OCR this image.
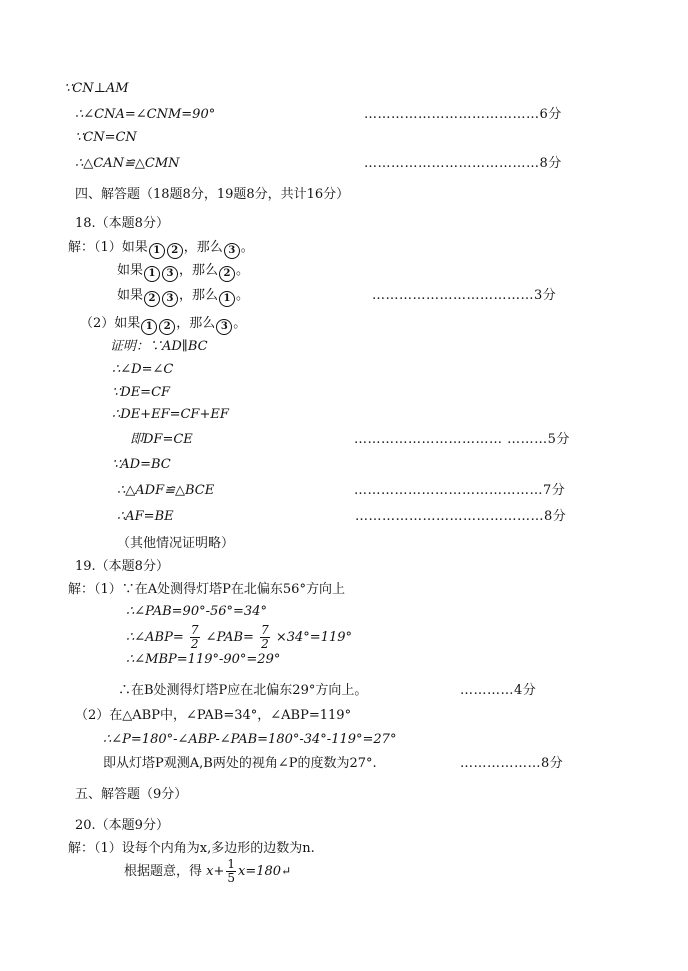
∵CN⊥AM
∴∠CNA=∠CNM=90°	…………………………………6分
∵CN=CN
∴△CAN≌△CMN	…………………………………8分
四、解答题（18题8分，19题8分，共计16分）
18.（本题8分）
解：（1）如果 1 2 ，那么 3 。
如果 1 3 ，那么 2 。
如果 2 3 ，那么 1 。	………………………………3分
（2）如果 1 2 ，那么 3 。
证明：∵AD∥BC
∴∠D=∠C
∵DE=CF
∴DE+EF=CF+EF
即DF=CE	…………………………… ………5分
∵AD=BC
∴△ADF≌△BCE	……………………………………7分
∴AF=BE	……………………………………8分
（其他情况证明略）
19.（本题8分）
解：（1）∵在A处测得灯塔P在北偏东56°方向上
∴∠PAB=90°-56°=34°
∴∠ABP= $\frac{7}{2}$ ∠PAB= $\frac{7}{2} \times 34^\circ=119^\circ$
∴∠MBP=119°-90°=29°
∴在B处测得灯塔P应在北偏东29°方向上。	…………4分
（2）在△ABP中，∠PAB=34°，∠ABP=119°
∴∠P=180°-∠ABP-∠PAB=180°-34°-119°=27°
即从灯塔P观测A,B两处的视角∠P的度数为27°.	………………8分
五、解答题（9分）
20.（本题9分）
解：（1）设每个内角为x,多边形的边数为n.
根据题意，得 $x+ \frac{1}{5}$ x=180↵
